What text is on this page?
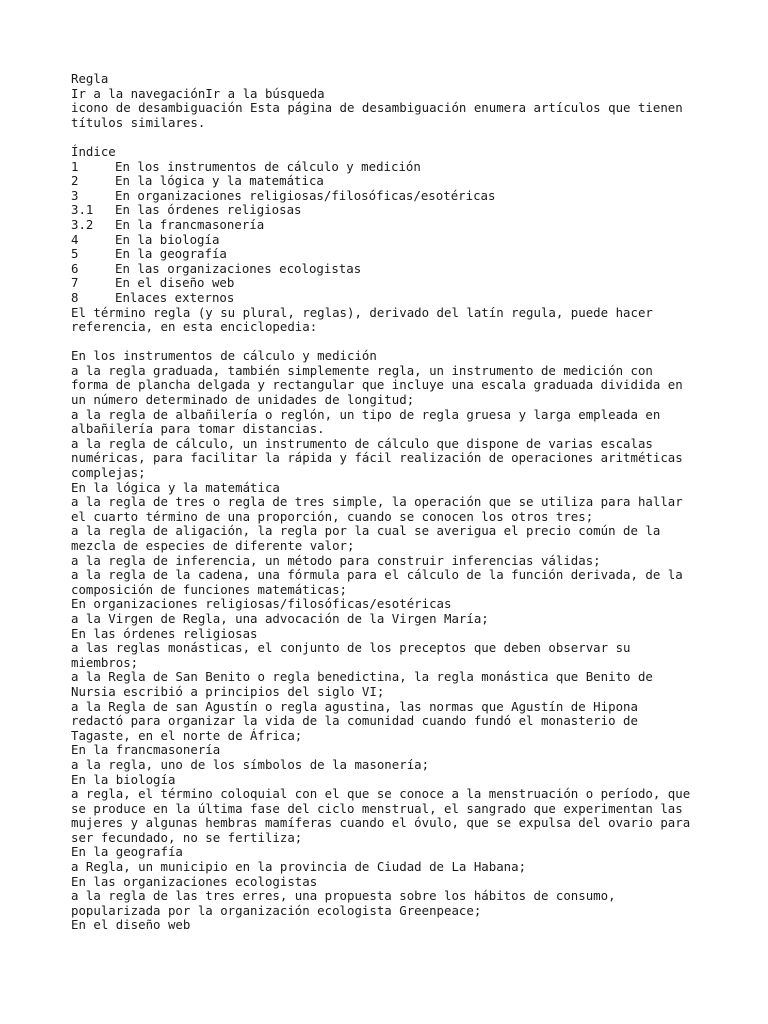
Regla
Ir a la navegaciónIr a la búsqueda
icono de desambiguación Esta página de desambiguación enumera artículos que tienen
títulos similares.
Índice
1	En los instrumentos de cálculo y medición
2	En la lógica y la matemática
3	En organizaciones religiosas/filosóficas/esotéricas
3.1	En las órdenes religiosas
3.2	En la francmasonería
4	En la biología
5	En la geografía
6	En las organizaciones ecologistas
7	En el diseño web
8	Enlaces externos
El término regla (y su plural, reglas), derivado del latín regula, puede hacer
referencia, en esta enciclopedia:
En los instrumentos de cálculo y medición
a la regla graduada, también simplemente regla, un instrumento de medición con
forma de plancha delgada y rectangular que incluye una escala graduada dividida en
un número determinado de unidades de longitud;
a la regla de albañilería o reglón, un tipo de regla gruesa y larga empleada en
albañilería para tomar distancias.
a la regla de cálculo, un instrumento de cálculo que dispone de varias escalas
numéricas, para facilitar la rápida y fácil realización de operaciones aritméticas
complejas;
En la lógica y la matemática
a la regla de tres o regla de tres simple, la operación que se utiliza para hallar
el cuarto término de una proporción, cuando se conocen los otros tres;
a la regla de aligación, la regla por la cual se averigua el precio común de la
mezcla de especies de diferente valor;
a la regla de inferencia, un método para construir inferencias válidas;
a la regla de la cadena, una fórmula para el cálculo de la función derivada, de la
composición de funciones matemáticas;
En organizaciones religiosas/filosóficas/esotéricas
a la Virgen de Regla, una advocación de la Virgen María;
En las órdenes religiosas
a las reglas monásticas, el conjunto de los preceptos que deben observar su
miembros;
a la Regla de San Benito o regla benedictina, la regla monástica que Benito de
Nursia escribió a principios del siglo VI;
a la Regla de san Agustín o regla agustina, las normas que Agustín de Hipona
redactó para organizar la vida de la comunidad cuando fundó el monasterio de
Tagaste, en el norte de África;
En la francmasonería
a la regla, uno de los símbolos de la masonería;
En la biología
a regla, el término coloquial con el que se conoce a la menstruación o período, que
se produce en la última fase del ciclo menstrual, el sangrado que experimentan las
mujeres y algunas hembras mamíferas cuando el óvulo, que se expulsa del ovario para
ser fecundado, no se fertiliza;
En la geografía
a Regla, un municipio en la provincia de Ciudad de La Habana;
En las organizaciones ecologistas
a la regla de las tres erres, una propuesta sobre los hábitos de consumo,
popularizada por la organización ecologista Greenpeace;
En el diseño web
